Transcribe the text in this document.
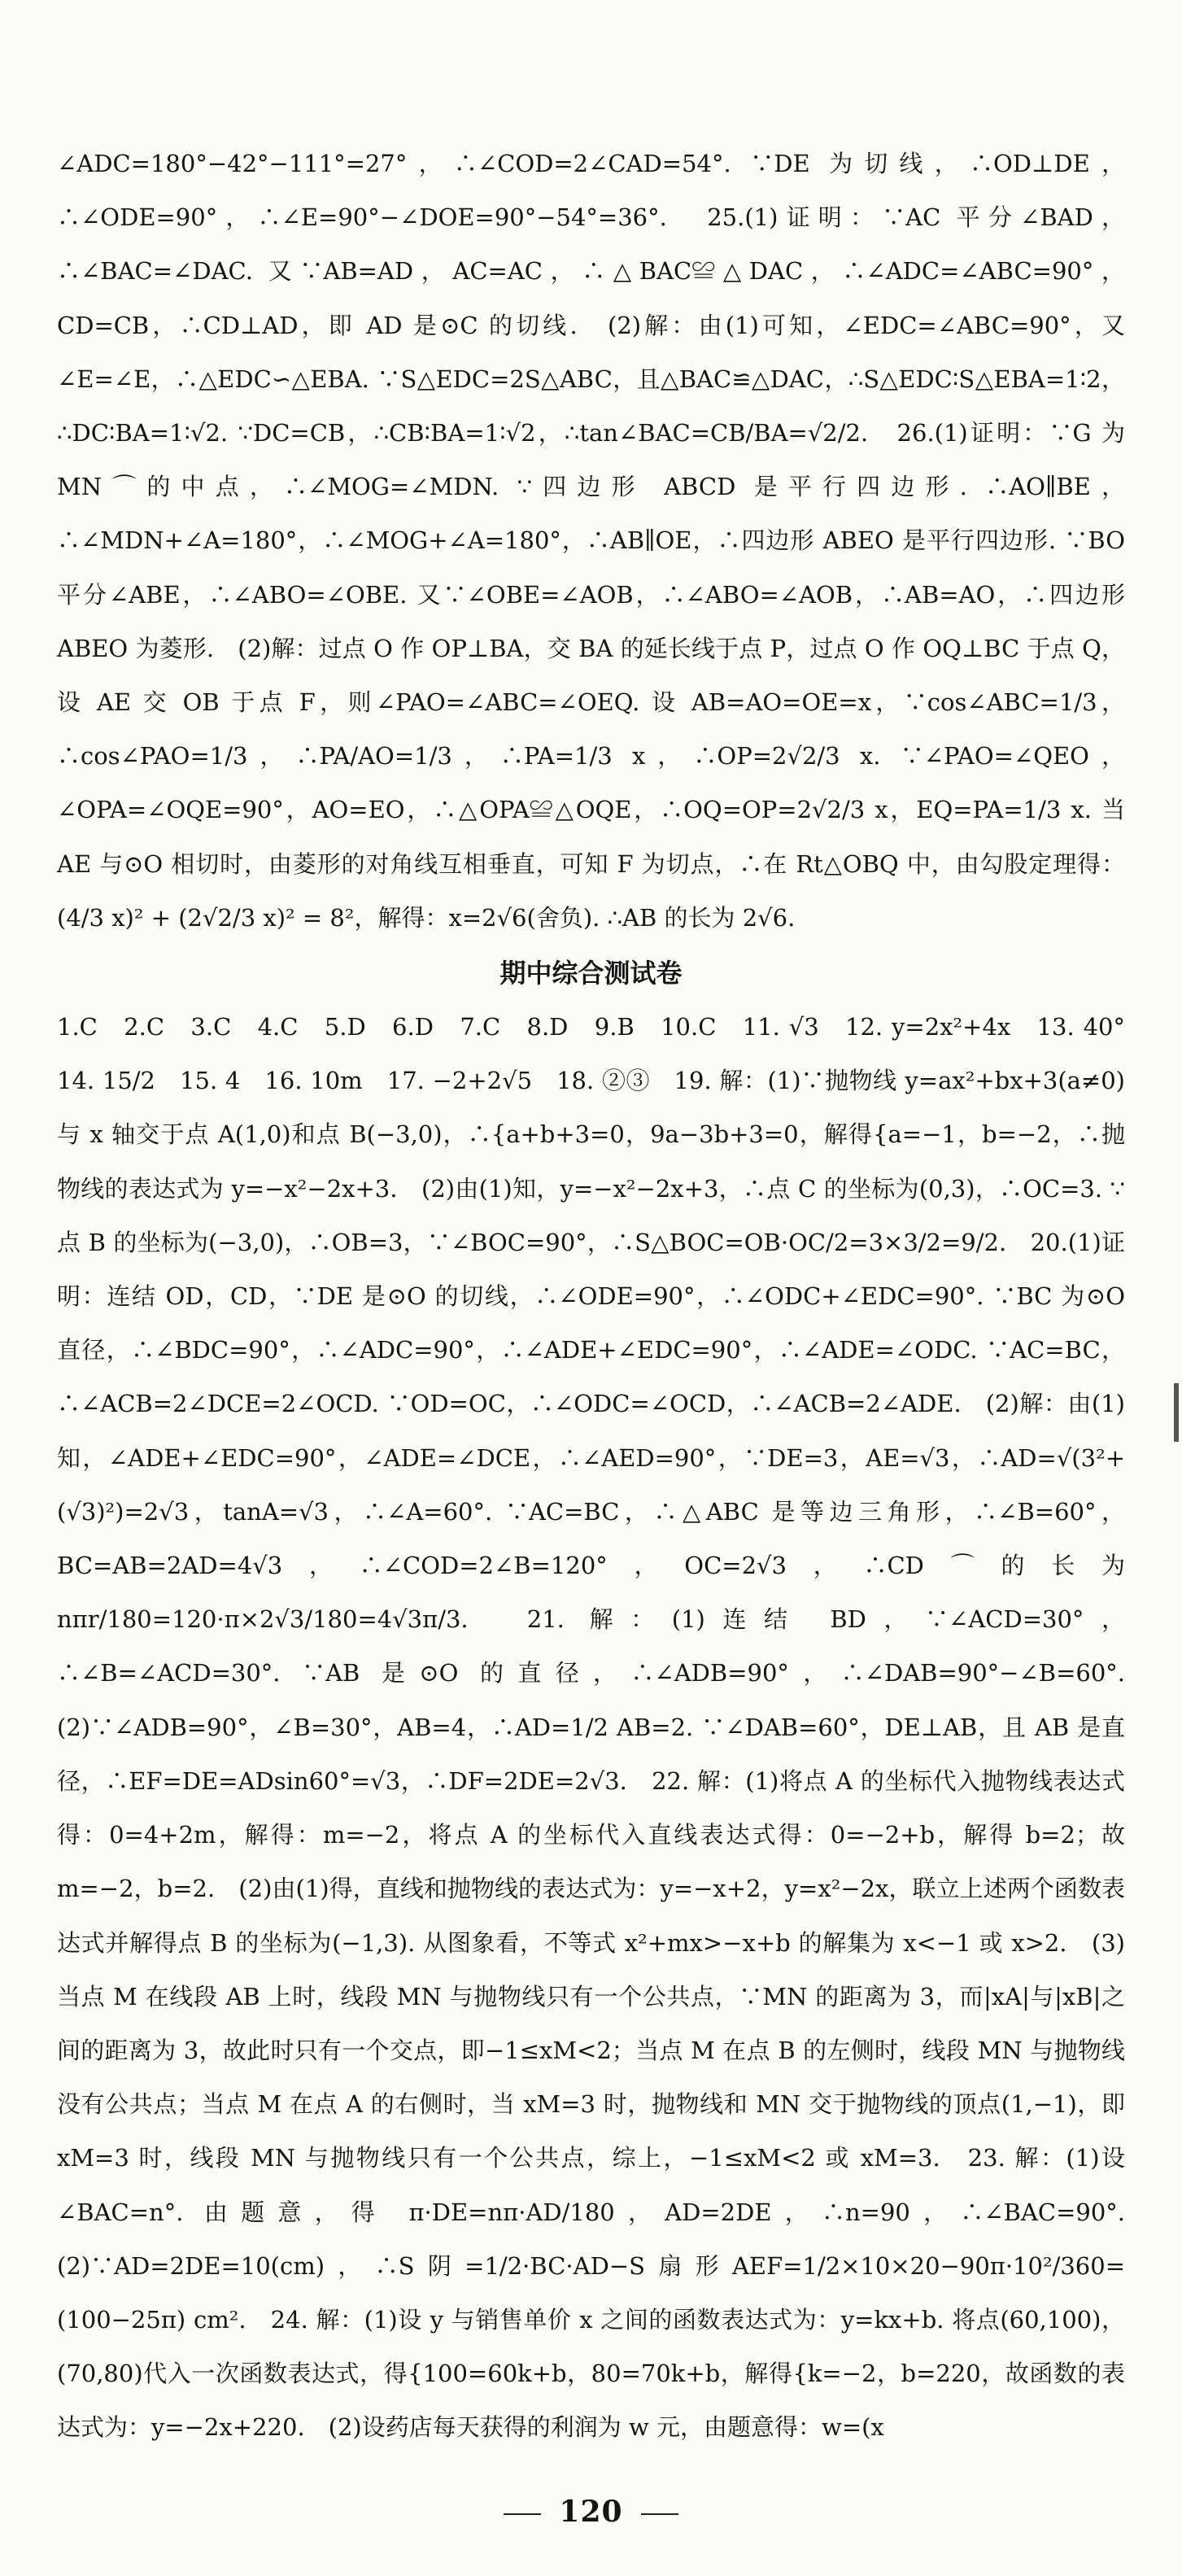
∠ADC=180°−42°−111°=27°，∴∠COD=2∠CAD=54°. ∵DE 为切线，∴OD⊥DE，∴∠ODE=90°，∴∠E=90°−∠DOE=90°−54°=36°.　25.(1)证明：∵AC 平分∠BAD，∴∠BAC=∠DAC. 又∵AB=AD，AC=AC，∴△BAC≌△DAC，∴∠ADC=∠ABC=90°，CD=CB，∴CD⊥AD，即 AD 是⊙C 的切线.　(2)解：由(1)可知，∠EDC=∠ABC=90°，又∠E=∠E，∴△EDC∽△EBA. ∵S△EDC=2S△ABC，且△BAC≌△DAC，∴S△EDC∶S△EBA=1∶2，∴DC∶BA=1∶√2. ∵DC=CB，∴CB∶BA=1∶√2，∴tan∠BAC=CB/BA=√2/2.　26.(1)证明：∵G 为MN⌒的中点，∴∠MOG=∠MDN. ∵四边形 ABCD 是平行四边形. ∴AO∥BE，∴∠MDN+∠A=180°，∴∠MOG+∠A=180°，∴AB∥OE，∴四边形 ABEO 是平行四边形. ∵BO 平分∠ABE，∴∠ABO=∠OBE. 又∵∠OBE=∠AOB，∴∠ABO=∠AOB，∴AB=AO，∴四边形 ABEO 为菱形.　(2)解：过点 O 作 OP⊥BA，交 BA 的延长线于点 P，过点 O 作 OQ⊥BC 于点 Q，设 AE 交 OB 于点 F，则∠PAO=∠ABC=∠OEQ. 设 AB=AO=OE=x，∵cos∠ABC=1/3，∴cos∠PAO=1/3，∴PA/AO=1/3，∴PA=1/3 x，∴OP=2√2/3 x. ∵∠PAO=∠QEO，∠OPA=∠OQE=90°，AO=EO，∴△OPA≌△OQE，∴OQ=OP=2√2/3 x，EQ=PA=1/3 x. 当 AE 与⊙O 相切时，由菱形的对角线互相垂直，可知 F 为切点，∴在 Rt△OBQ 中，由勾股定理得：(4/3 x)² + (2√2/3 x)² = 8²，解得：x=2√6(舍负). ∴AB 的长为 2√6.

期中综合测试卷

1.C　2.C　3.C　4.C　5.D　6.D　7.C　8.D　9.B　10.C　11. √3　12. y=2x²+4x　13. 40°　14. 15/2　15. 4　16. 10m　17. −2+2√5　18. ②③　19. 解：(1)∵抛物线 y=ax²+bx+3(a≠0)与 x 轴交于点 A(1,0)和点 B(−3,0)，∴{a+b+3=0，9a−3b+3=0，解得{a=−1，b=−2，∴抛物线的表达式为 y=−x²−2x+3.　(2)由(1)知，y=−x²−2x+3，∴点 C 的坐标为(0,3)，∴OC=3. ∵点 B 的坐标为(−3,0)，∴OB=3，∵∠BOC=90°，∴S△BOC=OB·OC/2=3×3/2=9/2.　20.(1)证明：连结 OD，CD，∵DE 是⊙O 的切线，∴∠ODE=90°，∴∠ODC+∠EDC=90°. ∵BC 为⊙O 直径，∴∠BDC=90°，∴∠ADC=90°，∴∠ADE+∠EDC=90°，∴∠ADE=∠ODC. ∵AC=BC，∴∠ACB=2∠DCE=2∠OCD. ∵OD=OC，∴∠ODC=∠OCD，∴∠ACB=2∠ADE.　(2)解：由(1)知，∠ADE+∠EDC=90°，∠ADE=∠DCE，∴∠AED=90°，∵DE=3，AE=√3，∴AD=√(3²+(√3)²)=2√3，tanA=√3，∴∠A=60°. ∵AC=BC，∴△ABC 是等边三角形，∴∠B=60°，BC=AB=2AD=4√3，∴∠COD=2∠B=120°，OC=2√3，∴CD⌒的长为 nπr/180=120·π×2√3/180=4√3π/3.　21. 解：(1)连结 BD，∵∠ACD=30°，∴∠B=∠ACD=30°. ∵AB 是⊙O 的直径，∴∠ADB=90°，∴∠DAB=90°−∠B=60°.　(2)∵∠ADB=90°，∠B=30°，AB=4，∴AD=1/2 AB=2. ∵∠DAB=60°，DE⊥AB，且 AB 是直径，∴EF=DE=ADsin60°=√3，∴DF=2DE=2√3.　22. 解：(1)将点 A 的坐标代入抛物线表达式得：0=4+2m，解得：m=−2，将点 A 的坐标代入直线表达式得：0=−2+b，解得 b=2；故 m=−2，b=2.　(2)由(1)得，直线和抛物线的表达式为：y=−x+2，y=x²−2x，联立上述两个函数表达式并解得点 B 的坐标为(−1,3). 从图象看，不等式 x²+mx>−x+b 的解集为 x<−1 或 x>2.　(3)当点 M 在线段 AB 上时，线段 MN 与抛物线只有一个公共点，∵MN 的距离为 3，而|xA|与|xB|之间的距离为 3，故此时只有一个交点，即−1≤xM<2；当点 M 在点 B 的左侧时，线段 MN 与抛物线没有公共点；当点 M 在点 A 的右侧时，当 xM=3 时，抛物线和 MN 交于抛物线的顶点(1,−1)，即 xM=3 时，线段 MN 与抛物线只有一个公共点，综上，−1≤xM<2 或 xM=3.　23. 解：(1)设∠BAC=n°. 由题意，得 π·DE=nπ·AD/180，AD=2DE，∴n=90，∴∠BAC=90°.　(2)∵AD=2DE=10(cm)，∴S阴=1/2·BC·AD−S扇形AEF=1/2×10×20−90π·10²/360=(100−25π) cm².　24. 解：(1)设 y 与销售单价 x 之间的函数表达式为：y=kx+b. 将点(60,100)，(70,80)代入一次函数表达式，得{100=60k+b，80=70k+b，解得{k=−2，b=220，故函数的表达式为：y=−2x+220.　(2)设药店每天获得的利润为 w 元，由题意得：w=(x

120
